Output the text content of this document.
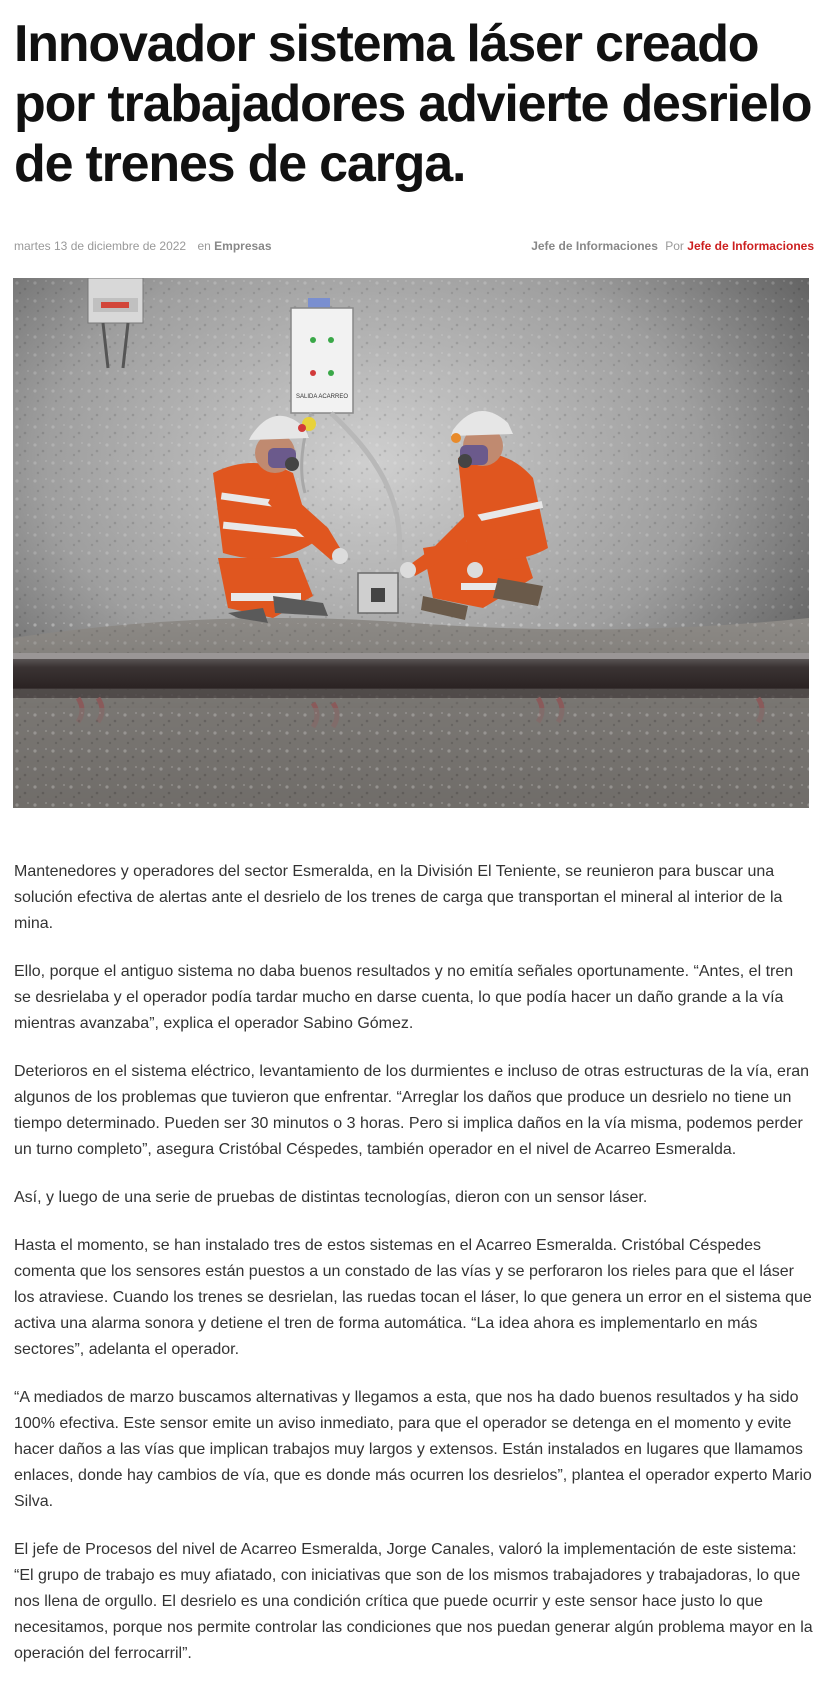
Innovador sistema láser creado por trabajadores advierte desrielo de trenes de carga.
martes 13 de diciembre de 2022 en Empresas	Jefe de Informaciones Por Jefe de Informaciones
SALIDA ACARREO

Mantenedores y operadores del sector Esmeralda, en la División El Teniente, se reunieron para buscar una solución efectiva de alertas ante el desrielo de los trenes de carga que transportan el mineral al interior de la mina.

Ello, porque el antiguo sistema no daba buenos resultados y no emitía señales oportunamente. “Antes, el tren se desrielaba y el operador podía tardar mucho en darse cuenta, lo que podía hacer un daño grande a la vía mientras avanzaba”, explica el operador Sabino Gómez.

Deterioros en el sistema eléctrico, levantamiento de los durmientes e incluso de otras estructuras de la vía, eran algunos de los problemas que tuvieron que enfrentar. “Arreglar los daños que produce un desrielo no tiene un tiempo determinado. Pueden ser 30 minutos o 3 horas. Pero si implica daños en la vía misma, podemos perder un turno completo”, asegura Cristóbal Céspedes, también operador en el nivel de Acarreo Esmeralda.

Así, y luego de una serie de pruebas de distintas tecnologías, dieron con un sensor láser.

Hasta el momento, se han instalado tres de estos sistemas en el Acarreo Esmeralda. Cristóbal Céspedes comenta que los sensores están puestos a un constado de las vías y se perforaron los rieles para que el láser los atraviese. Cuando los trenes se desrielan, las ruedas tocan el láser, lo que genera un error en el sistema que activa una alarma sonora y detiene el tren de forma automática. “La idea ahora es implementarlo en más sectores”, adelanta el operador.

“A mediados de marzo buscamos alternativas y llegamos a esta, que nos ha dado buenos resultados y ha sido 100% efectiva. Este sensor emite un aviso inmediato, para que el operador se detenga en el momento y evite hacer daños a las vías que implican trabajos muy largos y extensos. Están instalados en lugares que llamamos enlaces, donde hay cambios de vía, que es donde más ocurren los desrielos”, plantea el operador experto Mario Silva.

El jefe de Procesos del nivel de Acarreo Esmeralda, Jorge Canales, valoró la implementación de este sistema: “El grupo de trabajo es muy afiatado, con iniciativas que son de los mismos trabajadores y trabajadoras, lo que nos llena de orgullo. El desrielo es una condición crítica que puede ocurrir y este sensor hace justo lo que necesitamos, porque nos permite controlar las condiciones que nos puedan generar algún problema mayor en la operación del ferrocarril”.
